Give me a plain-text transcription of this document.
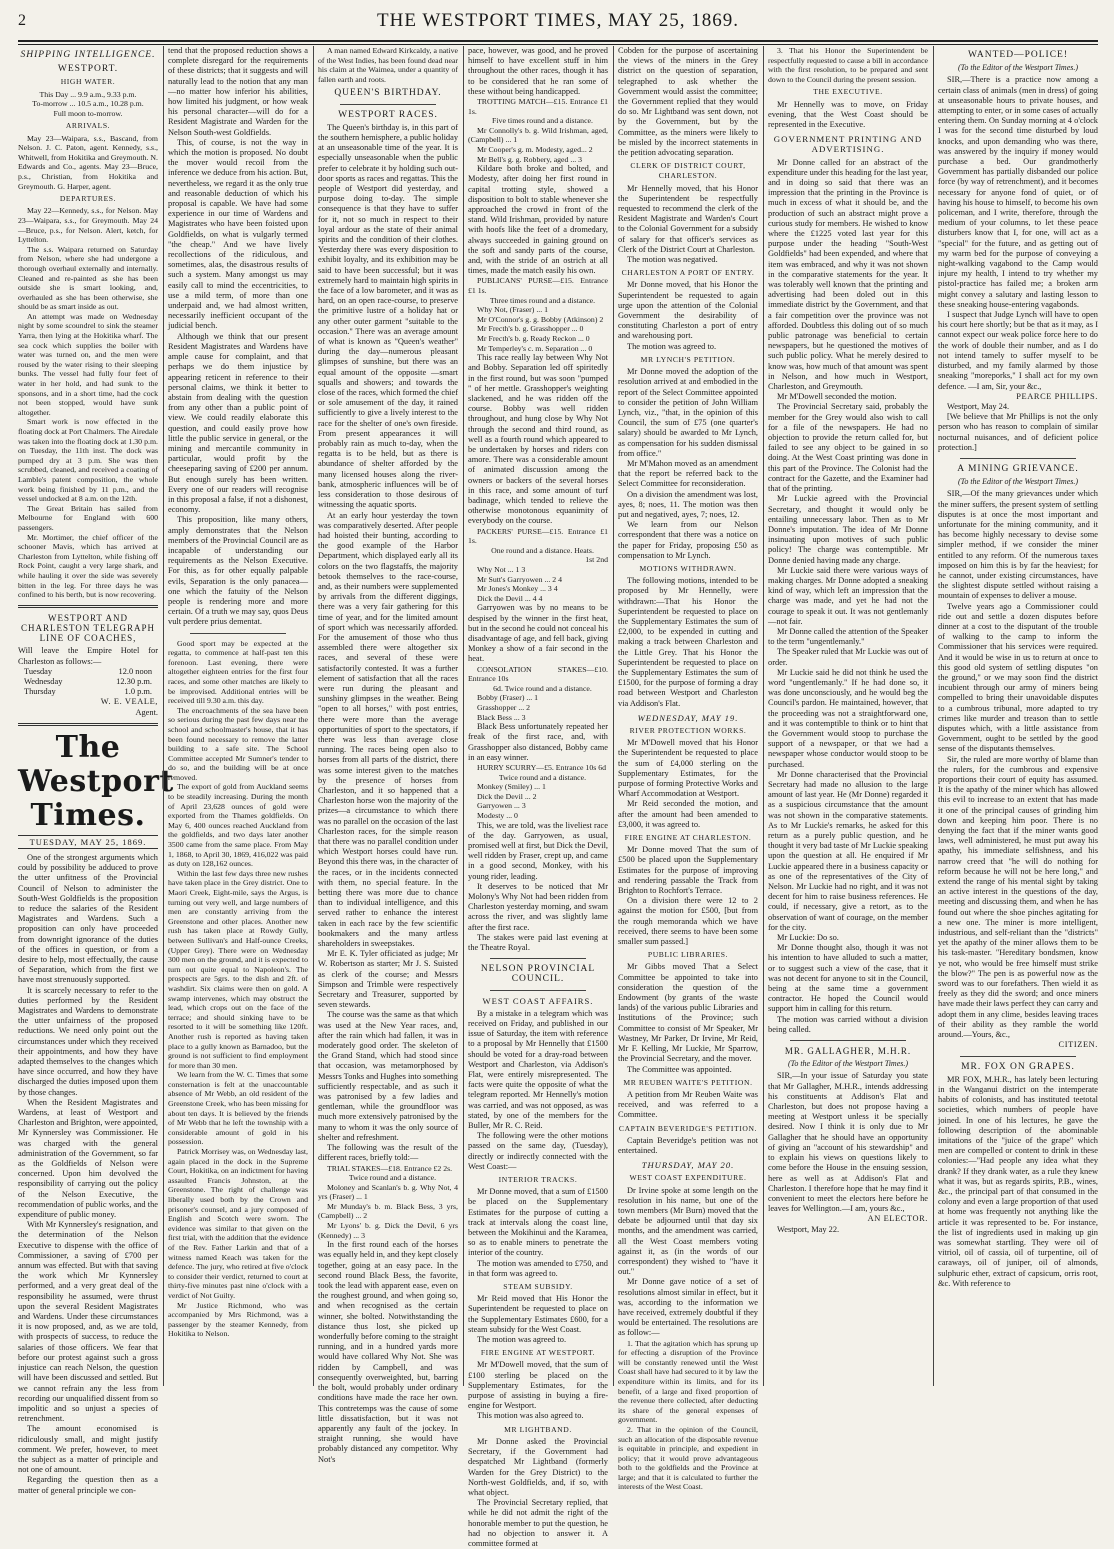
2	THE WESTPORT TIMES, MAY 25, 1869.
SHIPPING INTELLIGENCE.
WESTPORT.
HIGH WATER.

This Day ... 9.9 a.m., 9.33 p.m.

To-morrow ... 10.5 a.m., 10.28 p.m.

Full moon to-morrow.

ARRIVALS.

May 23—Waipara, s.s., Bascand, from Nelson. J. C. Paton, agent. Kennedy, s.s., Whitwell, from Hokitika and Greymouth. N. Edwards and Co., agents. May 23—Bruce, p.s., Christian, from Hokitika and Greymouth. G. Harper, agent.

DEPARTURES.

May 22—Kennedy, s.s., for Nelson. May 23—Waipara, s.s., for Greymouth. May 24—Bruce, p.s., for Nelson. Alert, ketch, for Lyttelton.

The s.s. Waipara returned on Saturday from Nelson, where she had undergone a thorough overhaul externally and internally. Cleaned and re-painted as she has been outside she is smart looking, and, overhauled as she has been otherwise, she should be as smart inside as out.

An attempt was made on Wednesday night by some scoundrel to sink the steamer Yarra, then lying at the Hokitika wharf. The sea cock which supplies the boiler with water was turned on, and the men were roused by the water rising to their sleeping bunks. The vessel had fully four feet of water in her hold, and had sunk to the sponsons, and in a short time, had the cock not been stopped, would have sunk altogether.

Smart work is now effected in the floating dock at Port Chalmers. The Airedale was taken into the floating dock at 1.30 p.m. on Tuesday, the 11th inst. The dock was pumped dry at 3 p.m. She was then scrubbed, cleaned, and received a coating of Lamble's patent composition, the whole work being finished by 11 p.m., and the vessel undocked at 8 a.m. on the 12th.

The Great Britain has sailed from Melbourne for England with 600 passengers.

Mr. Mortimer, the chief officer of the schooner Mavis, which has arrived at Charleston from Lyttelton, while fishing off Rock Point, caught a very large shark, and while hauling it over the side was severely bitten in the leg. For three days he was confined to his berth, but is now recovering.

WESTPORT AND CHARLESTON TELEGRAPH LINE OF COACHES,

Will leave the Empire Hotel for Charleston as follows:—

Tuesday	12.0 noon
Wednesday	12.30 p.m.
Thursday	1.0 p.m.

W. E. VEALE,

Agent.

The Westport Times.
TUESDAY, MAY 25, 1869.

One of the strongest arguments which could by possibility be adduced to prove the utter unfitness of the Provincial Council of Nelson to administer the South-West Goldfields is the proposition to reduce the salaries of the Resident Magistrates and Wardens. Such a proposition can only have proceeded from downright ignorance of the duties of the offices in question, or from a desire to help, most effectually, the cause of Separation, which from the first we have most strenuously supported.

It is scarcely necessary to refer to the duties performed by the Resident Magistrates and Wardens to demonstrate the utter unfairness of the proposed reductions. We need only point out the circumstances under which they received their appointments, and how they have adapted themselves to the changes which have since occurred, and how they have discharged the duties imposed upon them by those changes.

When the Resident Magistrates and Wardens, at least of Westport and Charleston and Brighton, were appointed, Mr Kynnersley was Commissioner. He was charged with the general administration of the Government, so far as the Goldfields of Nelson were concerned. Upon him devolved the responsibility of carrying out the policy of the Nelson Executive, the recommendation of public works, and the expenditure of public money.

With Mr Kynnersley's resignation, and the determination of the Nelson Executive to dispense with the office of Commissioner, a saving of £700 per annum was effected. But with that saving the work which Mr Kynnersley performed, and a very great deal of the responsibility he assumed, were thrust upon the several Resident Magistrates and Wardens. Under these circumstances it is now proposed, and, as we are told, with prospects of success, to reduce the salaries of those officers. We fear that before our protest against such a gross injustice can reach Nelson, the question will have been discussed and settled. But we cannot refrain any the less from recording our unqualified dissent from so impolitic and so unjust a species of retrenchment.

The amount economised is ridiculously small, and might justify comment. We prefer, however, to meet the subject as a matter of principle and not one of amount.

Regarding the question then as a matter of general principle we con-

tend that the proposed reduction shows a complete disregard for the requirements of these districts; that it suggests and will naturally lead to the notion that any man—no matter how inferior his abilities, how limited his judgment, or how weak his personal character—will do for a Resident Magistrate and Warden for the Nelson South-west Goldfields.

This, of course, is not the way in which the motion is proposed. No doubt the mover would recoil from the inference we deduce from his action. But, nevertheless, we regard it as the only true and reasonable deduction of which his proposal is capable. We have had some experience in our time of Wardens and Magistrates who have been foisted upon Goldfields, on what is vulgarly termed "the cheap." And we have lively recollections of the ridiculous, and sometimes, alas, the disastrous results of such a system. Many amongst us may easily call to mind the eccentricities, to use a mild term, of more than one underpaid and, we had almost written, necessarily inefficient occupant of the judicial bench.

Although we think that our present Resident Magistrates and Wardens have ample cause for complaint, and that perhaps we do them injustice by appearing reticent in reference to their personal claims, we think it better to abstain from dealing with the question from any other than a public point of view. We could readily elaborate this question, and could easily prove how little the public service in general, or the mining and mercantile community in particular, would profit by the cheeseparing saving of £200 per annum. But enough surely has been written. Every one of our readers will recognise in this proposal a false, if not a dishonest, economy.

This proposition, like many others, amply demonstrates that the Nelson members of the Provincial Council are as incapable of understanding our requirements as the Nelson Executive. For this, as for other equally palpable evils, Separation is the only panacea—one which the fatuity of the Nelson people is rendering more and more certain. Of a truth we may say, quos Deus vult perdere prius dementat.

Good sport may be expected at the regatta, to commence at half-past ten this forenoon. Last evening, there were altogether eighteen entries for the first four races, and some other matches are likely to be improvised. Additional entries will be received till 9.30 a.m. this day.

The encroachments of the sea have been so serious during the past few days near the school and schoolmaster's house, that it has been found necessary to remove the latter building to a safe site. The School Committee accepted Mr Sumner's tender to do so, and the building will be at once removed.

The export of gold from Auckland seems to be steadily increasing. During the month of April 23,628 ounces of gold were exported from the Thames goldfields. On May 6, 400 ounces reached Auckland from the goldfields, and two days later another 3500 came from the same place. From May 1, 1868, to April 30, 1869, 416,022 was paid as duty on 128,162 ounces.

Within the last few days three new rushes have taken place in the Grey district. One to Maori Creek, Eight-mile, says the Argus, is turning out very well, and large numbers of men are constantly arriving from the Greenstone and other places. Another new rush has taken place at Rowdy Gully, between Sullivan's and Half-ounce Creeks, (Upper Grey). There were on Wednesday 300 men on the ground, and it is expected to turn out quite equal to Napoleon's. The prospects are 5grs. to the dish and 2ft. of washdirt. Six claims were then on gold. A swamp intervenes, which may obstruct the lead, which crops out on the face of the terrace; and should sinking have to be resorted to it will be something like 120ft. Another rush is reported as having taken place to a gully known as Barnadoo, but the ground is not sufficient to find employment for more than 30 men.

We learn from the W. C. Times that some consternation is felt at the unaccountable absence of Mr Webb, an old resident of the Greenstone Creek, who has been missing for about ten days. It is believed by the friends of Mr Webb that he left the township with a considerable amount of gold in his possession.

Patrick Morrisey was, on Wednesday last, again placed in the dock in the Supreme Court, Hokitika, on an indictment for having assaulted Francis Johnston, at the Greenstone. The right of challenge was liberally used both by the Crown and prisoner's counsel, and a jury composed of English and Scotch were sworn. The evidence was similar to that given on the first trial, with the addition that the evidence of the Rev. Father Larkin and that of a witness named Keach was taken for the defence. The jury, who retired at five o'clock to consider their verdict, returned to court at thirty-five minutes past nine o'clock with a verdict of Not Guilty.

Mr Justice Richmond, who was accompanied by Mrs Richmond, was a passenger by the steamer Kennedy, from Hokitika to Nelson.

A man named Edward Kirkcaldy, a native of the West Indies, has been found dead near his claim at the Waimea, under a quantity of fallen earth and roots.

QUEEN'S BIRTHDAY.
WESTPORT RACES.

The Queen's birthday is, in this part of the southern hemisphere, a public holiday at an unseasonable time of the year. It is especially unseasonable when the public prefer to celebrate it by holding such out-door sports as races and regattas. This the people of Westport did yesterday, and purpose doing to-day. The simple consequence is that they have to suffer for it, not so much in respect to their loyal ardour as the state of their animal spirits and the condition of their clothes. Yesterday there was every disposition to exhibit loyalty, and its exhibition may be said to have been successful; but it was extremely hard to maintain high spirits in the face of a low barometer, and it was as hard, on an open race-course, to preserve the primitive lustre of a holiday hat or any other outer garment "suitable to the occasion." There was an average amount of what is known as "Queen's weather" during the day—numerous pleasant glimpses of sunshine, but there was an equal amount of the opposite —smart squalls and showers; and towards the close of the races, which formed the chief or sole amusement of the day, it rained sufficiently to give a lively interest to the race for the shelter of one's own fireside. From present appearances it will probably rain as much to-day, when the regatta is to be held, but as there is abundance of shelter afforded by the many licensed houses along the river-bank, atmospheric influences will be of less consideration to those desirous of witnessing the aquatic sports.

At an early hour yesterday the town was comparatively deserted. After people had hoisted their bunting, according to the good example of the Harbor Department, which displayed early all its colors on the two flagstaffs, the majority betook themselves to the race-course, and, as their numbers were supplemented by arrivals from the different diggings, there was a very fair gathering for this time of year, and for the limited amount of sport which was necessarily afforded. For the amusement of those who thus assembled there were altogether six races, and several of these were satisfactorily contested. It was a further element of satisfaction that all the races were run during the pleasant and sunshiny glimpses in the weather. Being "open to all horses," with post entries, there were more than the average opportunities of sport to the spectators, if there was less than average close running. The races being open also to horses from all parts of the district, there was some interest given to the matches by the presence of horses from Charleston, and it so happened that a Charleston horse won the majority of the prizes—a circumstance to which there was no parallel on the occasion of the last Charleston races, for the simple reason that there was no parallel condition under which Westport horses could have run. Beyond this there was, in the character of the races, or in the incidents connected with them, no special feature. In the betting there was more due to chance than to individual intelligence, and this served rather to enhance the interest taken in each race by the few scientific bookmakers and the many artless shareholders in sweepstakes.

Mr E. K. Tyler officiated as judge; Mr W. Robertson as starter; Mr J. S. Suisted as clerk of the course; and Messrs Simpson and Trimble were respectively Secretary and Treasurer, supported by seven stewards.

The course was the same as that which was used at the New Year races, and, after the rain which had fallen, it was in moderately good order. The skeleton of the Grand Stand, which had stood since that occasion, was metamorphosed by Messrs Tonks and Hughes into something sufficiently respectable, and as such it was patronised by a few ladies and gentleman, while the groundfloor was much more extensively patronised by the many to whom it was the only source of shelter and refreshment.

The following was the result of the different races, briefly told:—

TRIAL STAKES—£18. Entrance £2 2s.

Twice round and a distance.

Moloney and Scanlan's b. g. Why Not, 4 yrs (Fraser) ... 1

Mr Munday's b. m. Black Bess, 3 yrs, (Campbell) ... 2

Mr Lyons' b. g. Dick the Devil, 6 yrs (Kennedy) ... 3

In the first round each of the horses was equally held in, and they kept closely together, going at an easy pace. In the second round Black Bess, the favorite, took the lead with apparent ease, even on the roughest ground, and when going so, and when recognised as the certain winner, she bolted. Notwithstanding the distance thus lost, she picked up wonderfully before coming to the straight running, and in a hundred yards more would have collared Why Not. She was ridden by Campbell, and was consequently overweighted, but, barring the bolt, would probably under ordinary conditions have made the race her own. This contretemps was the cause of some little dissatisfaction, but it was not apparently any fault of the jockey. In straight running, she would have probably distanced any competitor. Why Not's

pace, however, was good, and he proved himself to have excellent stuff in him throughout the other races, though it has to be considered that he ran some of these without being handicapped.

TROTTING MATCH—£15. Entrance £1 1s.

Five times round and a distance.

Mr Connolly's b. g. Wild Irishman, aged, (Campbell) ... 1

Mr Cooper's g. m. Modesty, aged... 2

Mr Bell's g. g. Robbery, aged ... 3

Kildare both broke and bolted, and Modesty, after doing her first round in capital trotting style, showed a disposition to bolt to stable whenever she approached the crowd in front of the stand. Wild Irishman, provided by nature with hoofs like the feet of a dromedary, always succeeded in gaining ground on the soft and sandy parts of the course, and, with the stride of an ostrich at all times, made the match easily his own.

PUBLICANS' PURSE—£15. Entrance £1 1s.

Three times round and a distance.

Why Not, (Fraser) ... 1

Mr O'Connor's g. g. Bobby (Atkinson) 2

Mr Frecth's b. g. Grasshopper ... 0

Mr Frecth's b. g. Ready Reckon ... 0

Mr Temperley's c. m. Separation ... 0

This race really lay between Why Not and Bobby. Separation led off spiritedly in the first round, but was soon "pumped " of her mettle. Grasshopper's weighting slackened, and he was ridden off the course. Bobby was well ridden throughout, and hung close by Why Not through the second and third round, as well as a fourth round which appeared to be undertaken by horses and riders con amore. There was a considerable amount of animated discussion among the owners or backers of the several horses in this race, and some amount of turf badinage, which tended to relieve the otherwise monotonous equanimity of everybody on the course.

PACKERS' PURSE—£15. Entrance £1 1s.

One round and a distance. Heats.

1st 2nd

Why Not ... 1 3

Mr Sutt's Garryowen ... 2 4

Mr Jones's Monkey ... 3 4

Dick the Devil ... 4 4

Garryowen was by no means to be despised by the winner in the first heat, but in the second he could not conceal his disadvantage of age, and fell back, giving Monkey a show of a fair second in the heat.

CONSOLATION STAKES—£10. Entrance 10s

6d. Twice round and a distance.

Bobby (Fraser) ... 1

Grasshopper ... 2

Black Bess ... 3

Black Bess unfortunately repeated her freak of the first race, and, with Grasshopper also distanced, Bobby came in an easy winner.

HURRY SCURRY—£5. Entrance 10s 6d

Twice round and a distance.

Monkey (Smiley) ... 1

Dick the Devil ... 2

Garryowen ... 3

Modesty ... 0

This, we are told, was the liveliest race of the day. Garryowen, as usual, promised well at first, but Dick the Devil, well ridden by Fraser, crept up, and came in a good second, Monkey, with his young rider, leading.

It deserves to be noticed that Mr Molony's Why Not had been ridden from Charleston yesterday morning, and swam across the river, and was slightly lame after the first race.

The stakes were paid last evening at the Theatre Royal.

NELSON PROVINCIAL COUNCIL.
WEST COAST AFFAIRS.

By a mistake in a telegram which was received on Friday, and published in our issue of Saturday, the item with reference to a proposal by Mr Hennelly that £1500 should be voted for a dray-road between Westport and Charleston, via Addison's Flat, were entirely misrepresented. The facts were quite the opposite of what the telegram reported. Mr Hennelly's motion was carried, and was not opposed, as was stated, by one of the members for the Buller, Mr R. C. Reid.

The following were the other motions passed on the same day, (Tuesday), directly or indirectly connected with the West Coast:—

INTERIOR TRACKS.

Mr Donne moved, that a sum of £1500 be placed on the Supplementary Estimates for the purpose of cutting a track at intervals along the coast line, between the Mokihinui and the Karamea, so as to enable miners to penetrate the interior of the country.

The motion was amended to £750, and in that form was agreed to.

STEAM SUBSIDY.

Mr Reid moved that His Honor the Superintendent be requested to place on the Supplementary Estimates £600, for a steam subsidy for the West Coast.

The motion was agreed to.

FIRE ENGINE AT WESTPORT.

Mr M'Dowell moved, that the sum of £100 sterling be placed on the Supplementary Estimates, for the purpose of assisting in buying a fire-engine for Westport.

This motion was also agreed to.

MR LIGHTBAND.

Mr Donne asked the Provincial Secretary, if the Government had despatched Mr Lightband (formerly Warden for the Grey District) to the North-west Goldfields, and, if so, with what object.

The Provincial Secretary replied, that while he did not admit the right of the honorable member to put the question, he had no objection to answer it. A committee formed at

Cobden for the purpose of ascertaining the views of the miners in the Grey district on the question of separation, telegraphed to ask whether the Government would assist the committee; the Government replied that they would do so. Mr Lightband was sent down, not by the Government, but by the Committee, as the miners were likely to be misled by the incorrect statements in the petition advocating separation.

CLERK OF DISTRICT COURT, CHARLESTON.

Mr Hennelly moved, that his Honor the Superintendent be respectfully requested to recommend the clerk of the Resident Magistrate and Warden's Court to the Colonial Government for a subsidy of salary for that officer's services as Clerk of the District Court at Charleston.

The motion was negatived.

CHARLESTON A PORT OF ENTRY.

Mr Donne moved, that his Honor the Superintendent be requested to again urge upon the attention of the Colonial Government the desirability of constituting Charleston a port of entry and warehousing port.

The motion was agreed to.

MR LYNCH'S PETITION.

Mr Donne moved the adoption of the resolution arrived at and embodied in the report of the Select Committee appointed to consider the petition of John William Lynch, viz., "that, in the opinion of this Council, the sum of £75 (one quarter's salary) should be awarded to Mr Lynch, as compensation for his sudden dismissal from office."

Mr M'Mahon moved as an amendment that the report be referred back to the Select Committee for reconsideration.

On a division the amendment was lost, ayes, 8; noes, 11. The motion was then put and negatived, ayes, 7; noes, 12.

We learn from our Nelson correspondent that there was a notice on the paper for Friday, proposing £50 as compensation to Mr Lynch.

MOTIONS WITHDRAWN.

The following motions, intended to be proposed by Mr Hennelly, were withdrawn:—That his Honor the Superintendent be requested to place on the Supplementary Estimates the sum of £2,000, to be expended in cutting and making a track between Charleston and the Little Grey. That his Honor the Superintendent be requested to place on the Supplementary Estimates the sum of £1500, for the purpose of forming a dray road between Westport and Charleston via Addison's Flat.

WEDNESDAY, MAY 19.
RIVER PROTECTION WORKS.

Mr M'Dowell moved that his Honor the Superintendent be requested to place the sum of £4,000 sterling on the Supplementary Estimates, for the purpose of forming Protective Works and Wharf Accommodation at Westport.

Mr Reid seconded the motion, and after the amount had been amended to £3,000, it was agreed to.

FIRE ENGINE AT CHARLESTON.

Mr Donne moved That the sum of £500 be placed upon the Supplementary Estimates for the purpose of improving and rendering passable the Track from Brighton to Rochfort's Terrace.

On a division there were 12 to 2 against the motion for £500, [but from the rough memoranda which we have received, there seems to have been some smaller sum passed.]

PUBLIC LIBRARIES.

Mr Gibbs moved That a Select Committee be appointed to take into consideration the question of the Endowment (by grants of the waste lands) of the various public Libraries and Institutions of the Province; such Committee to consist of Mr Speaker, Mr Wastney, Mr Parker, Dr Irvine, Mr Reid, Mr F. Kelling, Mr Luckie, Mr Sparrow, the Provincial Secretary, and the mover.

The Committee was appointed.

MR REUBEN WAITE'S PETITION.

A petition from Mr Reuben Waite was received, and was referred to a Committee.

CAPTAIN BEVERIDGE'S PETITION.

Captain Beveridge's petition was not entertained.

THURSDAY, MAY 20.
WEST COAST EXPENDITURE.

Dr Irvine spoke at some length on the resolution in his name, but one of the town members (Mr Burn) moved that the debate be adjourned until that day six months, and the amendment was carried, all the West Coast members voting against it, as (in the words of our correspondent) they wished to "have it out."

Mr Donne gave notice of a set of resolutions almost similar in effect, but it was, according to the information we have received, extremely doubtful if they would be entertained. The resolutions are as follow:—

1. That the agitation which has sprung up for effecting a disruption of the Province will be constantly renewed until the West Coast shall have had secured to it by law the expenditure within its limits, and for its benefit, of a large and fixed proportion of the revenue there collected, after deducting its share of the general expenses of government.

2. That in the opinion of the Council, such an allocation of the disposable revenue is equitable in principle, and expedient in policy; that it would prove advantageous both to the goldfields and the Province at large; and that it is calculated to further the interests of the West Coast.

3. That his Honor the Superintendent be respectfully requested to cause a bill in accordance with the first resolution, to be prepared and sent down to the Council during the present session.

THE EXECUTIVE.

Mr Hennelly was to move, on Friday evening, that the West Coast should be represented in the Executive.

GOVERNMENT PRINTING AND ADVERTISING.

Mr Donne called for an abstract of the expenditure under this heading for the last year, and in doing so said that there was an impression that the printing in the Province is much in excess of what it should be, and the production of such an abstract might prove a curious study for members. He wished to know where the £1225 voted last year for this purpose under the heading "South-West Goldfields" had been expended, and where that item was embraced, and why it was not shown in the comparative statements for the year. It was tolerably well known that the printing and advertising had been doled out in this immediate district by the Government, and that a fair competition over the province was not afforded. Doubtless this doling out of so much public patronage was beneficial to certain newspapers, but he questioned the motives of such public policy. What he merely desired to know was, how much of that amount was spent in Nelson, and how much in Westport, Charleston, and Greymouth.

Mr M'Dowell seconded the motion.

The Provincial Secretary said, probably the member for the Grey would also wish to call for a file of the newspapers. He had no objection to provide the return called for, but failed to see any object to be gained in so doing. At the West Coast printing was done in this part of the Province. The Colonist had the contract for the Gazette, and the Examiner had that of the printing.

Mr Luckie agreed with the Provincial Secretary, and thought it would only be entailing unnecessary labor. Then as to Mr Donne's imputation. The idea of Mr Donne insinuating upon motives of such public policy! The charge was contemptible. Mr Donne denied having made any charge.

Mr Luckie said there were various ways of making charges. Mr Donne adopted a sneaking kind of way, which left an impression that the charge was made, and yet he had not the courage to speak it out. It was not gentlemanly—not fair.

Mr Donne called the attention of the Speaker to the term "ungentlemanly."

The Speaker ruled that Mr Luckie was out of order.

Mr Luckie said he did not think he used the word "ungentlemanly." If he had done so, it was done unconsciously, and he would beg the Council's pardon. He maintained, however, that the proceeding was not a straightforward one, and it was contemptible to think or to hint that the Government would stoop to purchase the support of a newspaper, or that we had a newspaper whose conductor would stoop to be purchased.

Mr Donne characterised that the Provincial Secretary had made no allusion to the large amount of last year. He (Mr Donne) regarded it as a suspicious circumstance that the amount was not shown in the comparative statements. As to Mr Luckie's remarks, he asked for this return as a purely public question, and he thought it very bad taste of Mr Luckie speaking upon the question at all. He enquired if Mr Luckie appeared there in a business capacity or as one of the representatives of the City of Nelson. Mr Luckie had no right, and it was not decent for him to raise business references. He could, if necessary, give a retort, as to the observation of want of courage, on the member for the city.

Mr Luckie: Do so.

Mr Donne thought also, though it was not his intention to have alluded to such a matter, or to suggest such a view of the case, that it was not decent for anyone to sit in the Council, being at the same time a government contractor. He hoped the Council would support him in calling for this return.

The motion was carried without a division being called.

MR. GALLAGHER, M.H.R.
(To the Editor of the Westport Times.)

SIR,—In your issue of Saturday you state that Mr Gallagher, M.H.R., intends addressing his constituents at Addison's Flat and Charleston, but does not propose having a meeting at Westport unless it be specially desired. Now I think it is only due to Mr Gallagher that he should have an opportunity of giving an "account of his stewardship" and to explain his views on questions likely to come before the House in the ensuing session, here as well as at Addison's Flat and Charleston. I therefore hope that he may find it convenient to meet the electors here before he leaves for Wellington.—I am, yours &c.,

AN ELECTOR.

Westport, May 22.

WANTED—POLICE!
(To the Editor of the Westport Times.)

SIR,—There is a practice now among a certain class of animals (men in dress) of going at unseasonable hours to private houses, and attempting to enter, or in some cases of actually entering them. On Sunday morning at 4 o'clock I was for the second time disturbed by loud knocks, and upon demanding who was there, was answered by the inquiry if money would purchase a bed. Our grandmotherly Government has partially disbanded our police force (by way of retrenchment), and it becomes necessary for anyone fond of quiet, or of having his house to himself, to become his own policeman, and I write, therefore, through the medium of your columns, to let these peace disturbers know that I, for one, will act as a "special" for the future, and as getting out of my warm bed for the purpose of conveying a night-walking vagabond to the Camp would injure my health, I intend to try whether my pistol-practice has failed me; a broken arm might convey a salutary and lasting lesson to these sneaking house-entering vagabonds.

I suspect that Judge Lynch will have to open his court here shortly; but be that as it may, as I cannot expect our weak police force here to do the work of double their number, and as I do not intend tamely to suffer myself to be disturbed, and my family alarmed by those sneaking "moreporks," I shall act for my own defence. —I am, Sir, your &c.,

PEARCE PHILLIPS.

Westport, May 24.

[We believe that Mr Phillips is not the only person who has reason to complain of similar nocturnal nuisances, and of deficient police protection.]

A MINING GRIEVANCE.
(To the Editor of the Westport Times.)

SIR,—Of the many grievances under which the miner suffers, the present system of settling disputes is at once the most important and unfortunate for the mining community, and it has become highly necessary to devise some simpler method, if we consider the miner entitled to any reform. Of the numerous taxes imposed on him this is by far the heaviest; for he cannot, under existing circumstances, have the slightest dispute settled without raising a mountain of expenses to deliver a mouse.

Twelve years ago a Commissioner could ride out and settle a dozen disputes before dinner at a cost to the disputant of the trouble of walking to the camp to inform the Commissioner that his services were required. And it would be wise in us to return at once to this good old system of settling disputes "on the ground," or we may soon find the district incubient through our army of miners being compelled to bring their unavoidable disputes to a cumbrous tribunal, more adapted to try crimes like murder and treason than to settle disputes which, with a little assistance from Government, ought to be settled by the good sense of the disputants themselves.

Sir, the ruled are more worthy of blame than the rulers, for the cumbrous and expensive proportions their court of equity has assumed. It is the apathy of the miner which has allowed this evil to increase to an extent that has made it one of the principal causes of grinding him down and keeping him poor. There is no denying the fact that if the miner wants good laws, well administered, he must put away his apathy, his immediate selfishness, and his narrow creed that "he will do nothing for reform because he will not be here long," and extend the range of his mental sight by taking an active interest in the questions of the day, meeting and discussing them, and when he has found out where the shoe pinches agitating for a new one. The miner is more intelligent, industrious, and self-reliant than the "districts" yet the apathy of the miner allows them to be his task-master. "Hereditary bondsmen, know ye not, who would be free himself must strike the blow?" The pen is as powerful now as the sword was to our forefathers. Then wield it as freely as they did the sword; and once miners have made their laws perfect they can carry and adopt them in any clime, besides leaving traces of their ability as they ramble the world around.—Yours, &c.,

CITIZEN.

MR. FOX ON GRAPES.

MR FOX, M.H.R., has lately been lecturing in the Wanganui district on the intemperate habits of colonists, and has instituted teetotal societies, which numbers of people have joined. In one of his lectures, he gave the following description of the abominable imitations of the "juice of the grape" which men are compelled or content to drink in these colonies:—"Had people any idea what they drank? If they drank water, as a rule they knew what it was, but as regards spirits, P.B., wines, &c., the principal part of that consumed in the colony and even a large proportion of that used at home was frequently not anything like the article it was represented to be. For instance, the list of ingredients used in making up gin was somewhat startling. They were oil of vitriol, oil of cassia, oil of turpentine, oil of caraways, oil of juniper, oil of almonds, sulphuric ether, extract of capsicum, orris root, &c. With reference to
